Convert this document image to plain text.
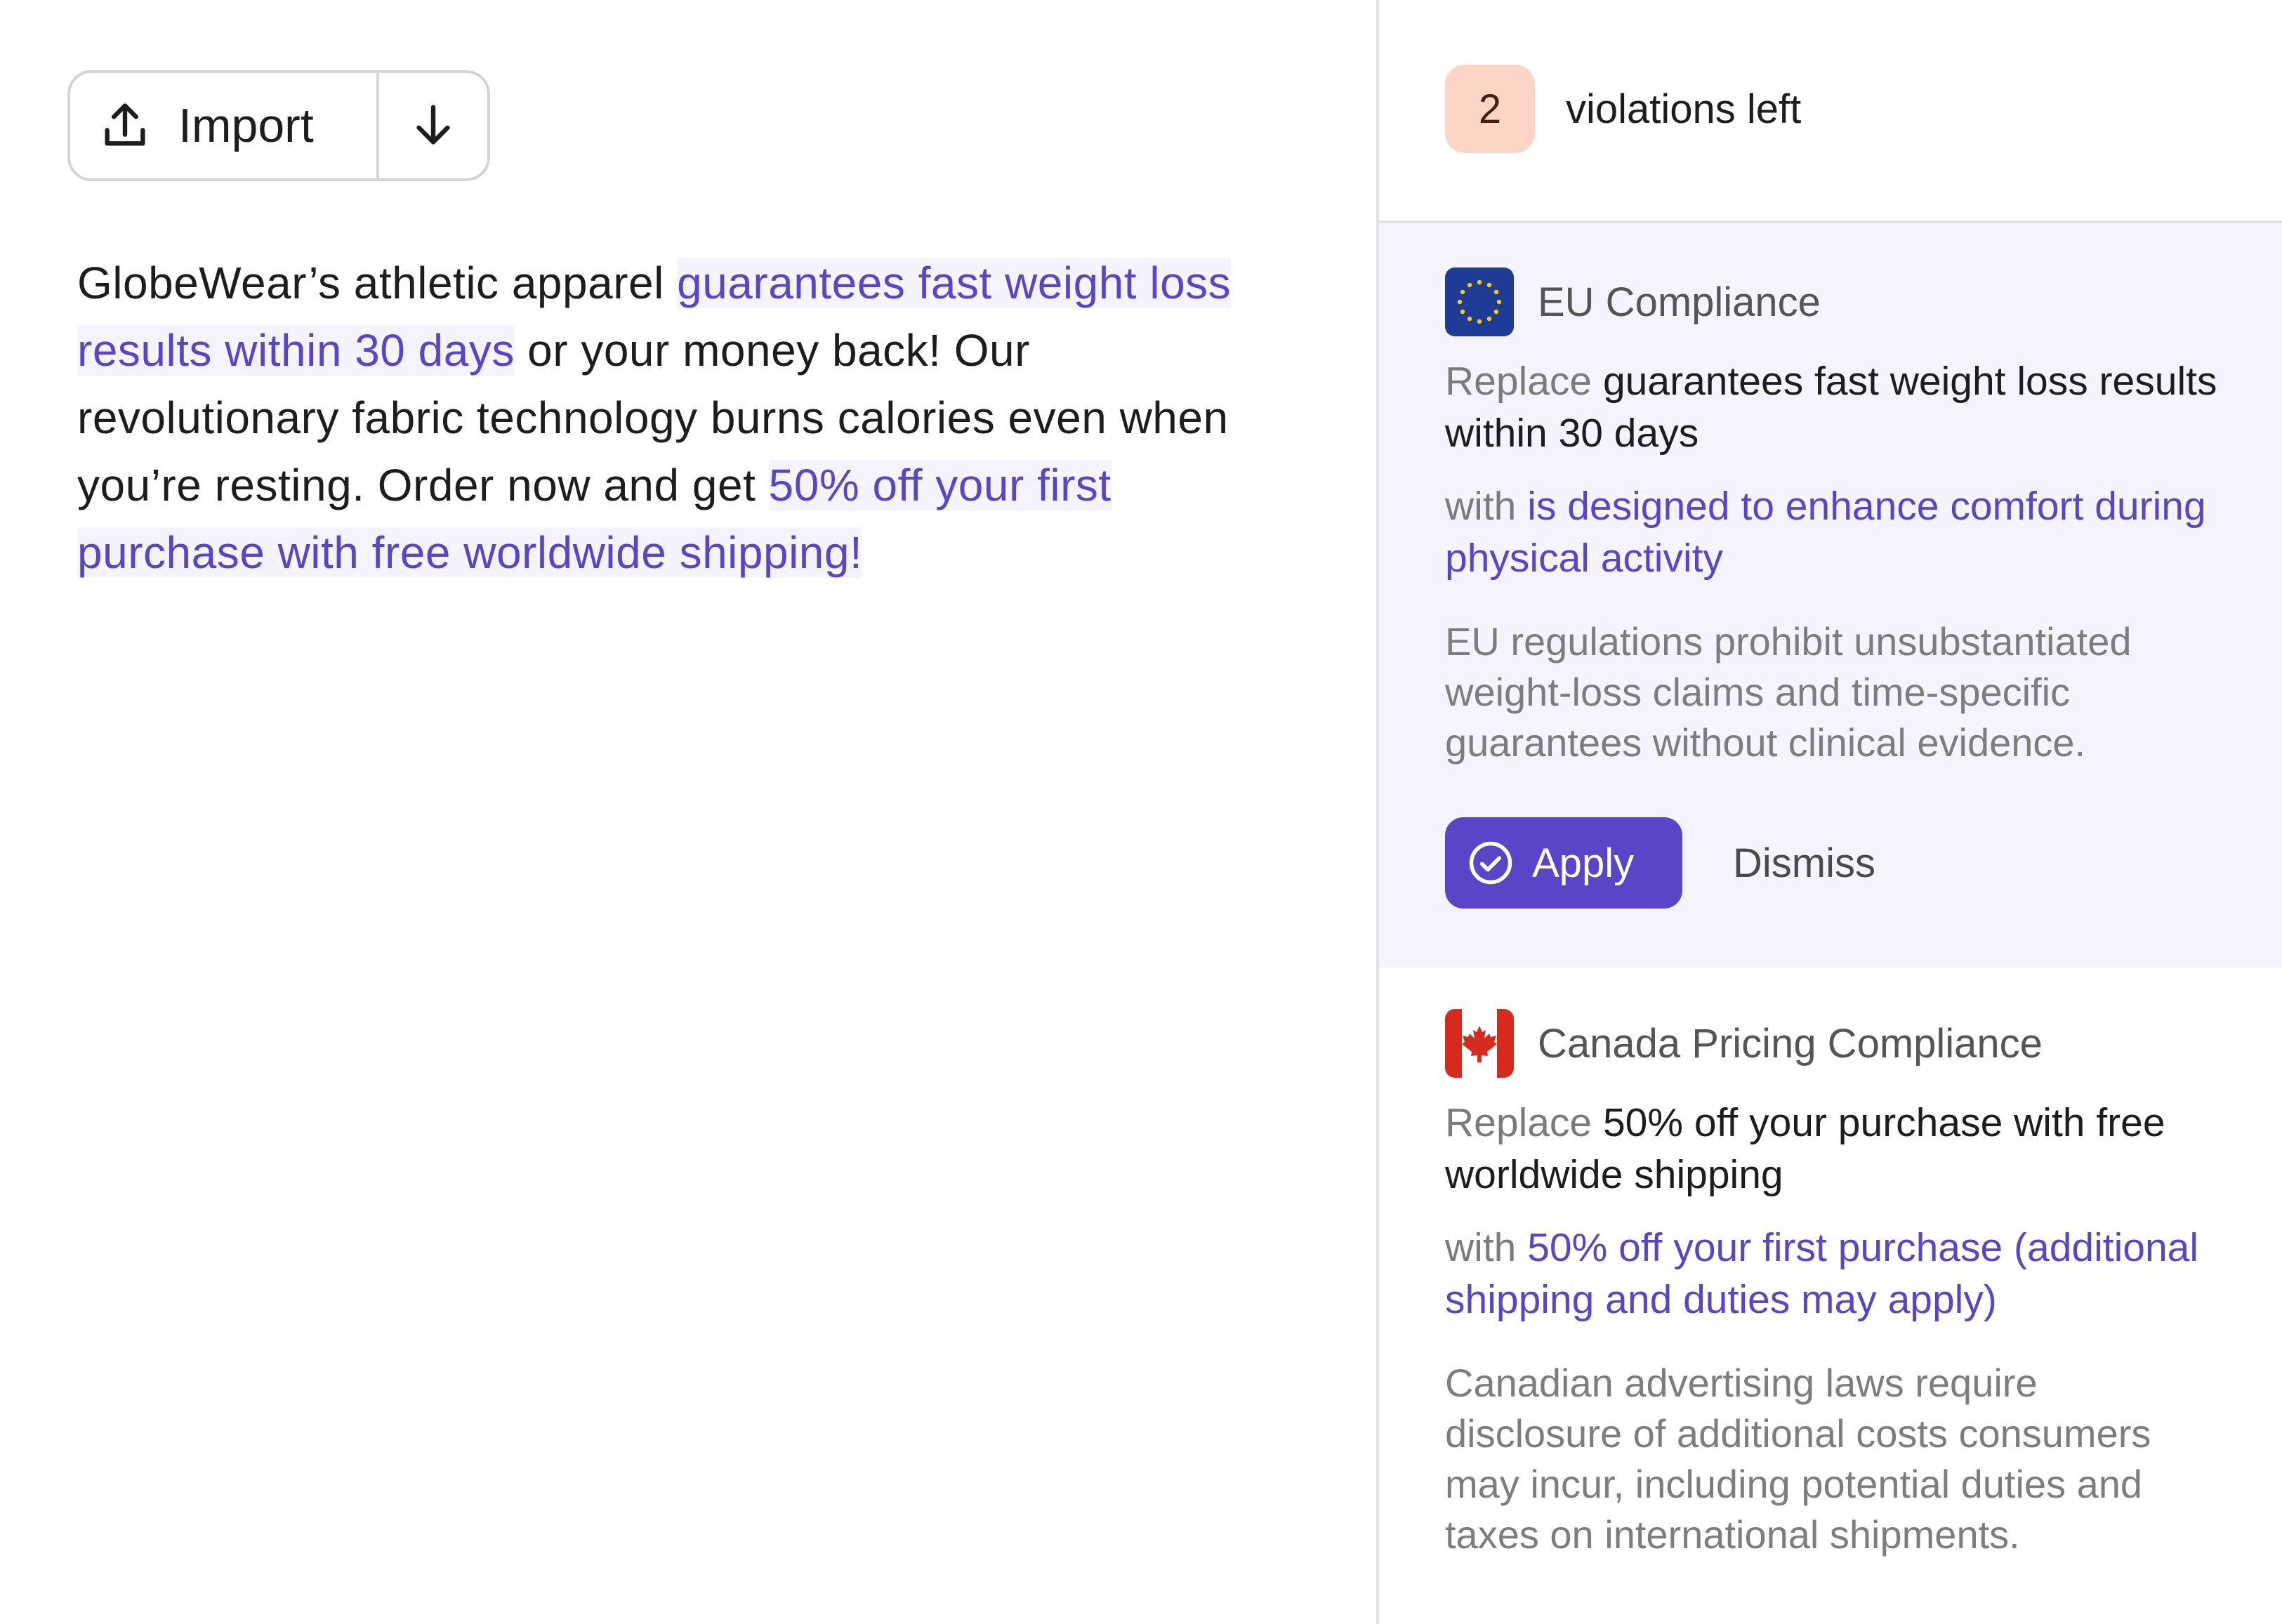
Import
GlobeWear’s athletic apparel guarantees fast weight loss results within 30 days or your money back! Our revolutionary fabric technology burns calories even when you’re resting. Order now and get 50% off your first purchase with free worldwide shipping!
2	violations left
EU Compliance
Replace guarantees fast weight loss results within 30 days
with is designed to enhance comfort during physical activity
EU regulations prohibit unsubstantiated weight-loss claims and time-specific guarantees without clinical evidence.
Apply Dismiss
Canada Pricing Compliance
Replace 50% off your purchase with free worldwide shipping
with 50% off your first purchase (additional shipping and duties may apply)
Canadian advertising laws require disclosure of additional costs consumers may incur, including potential duties and taxes on international shipments.
